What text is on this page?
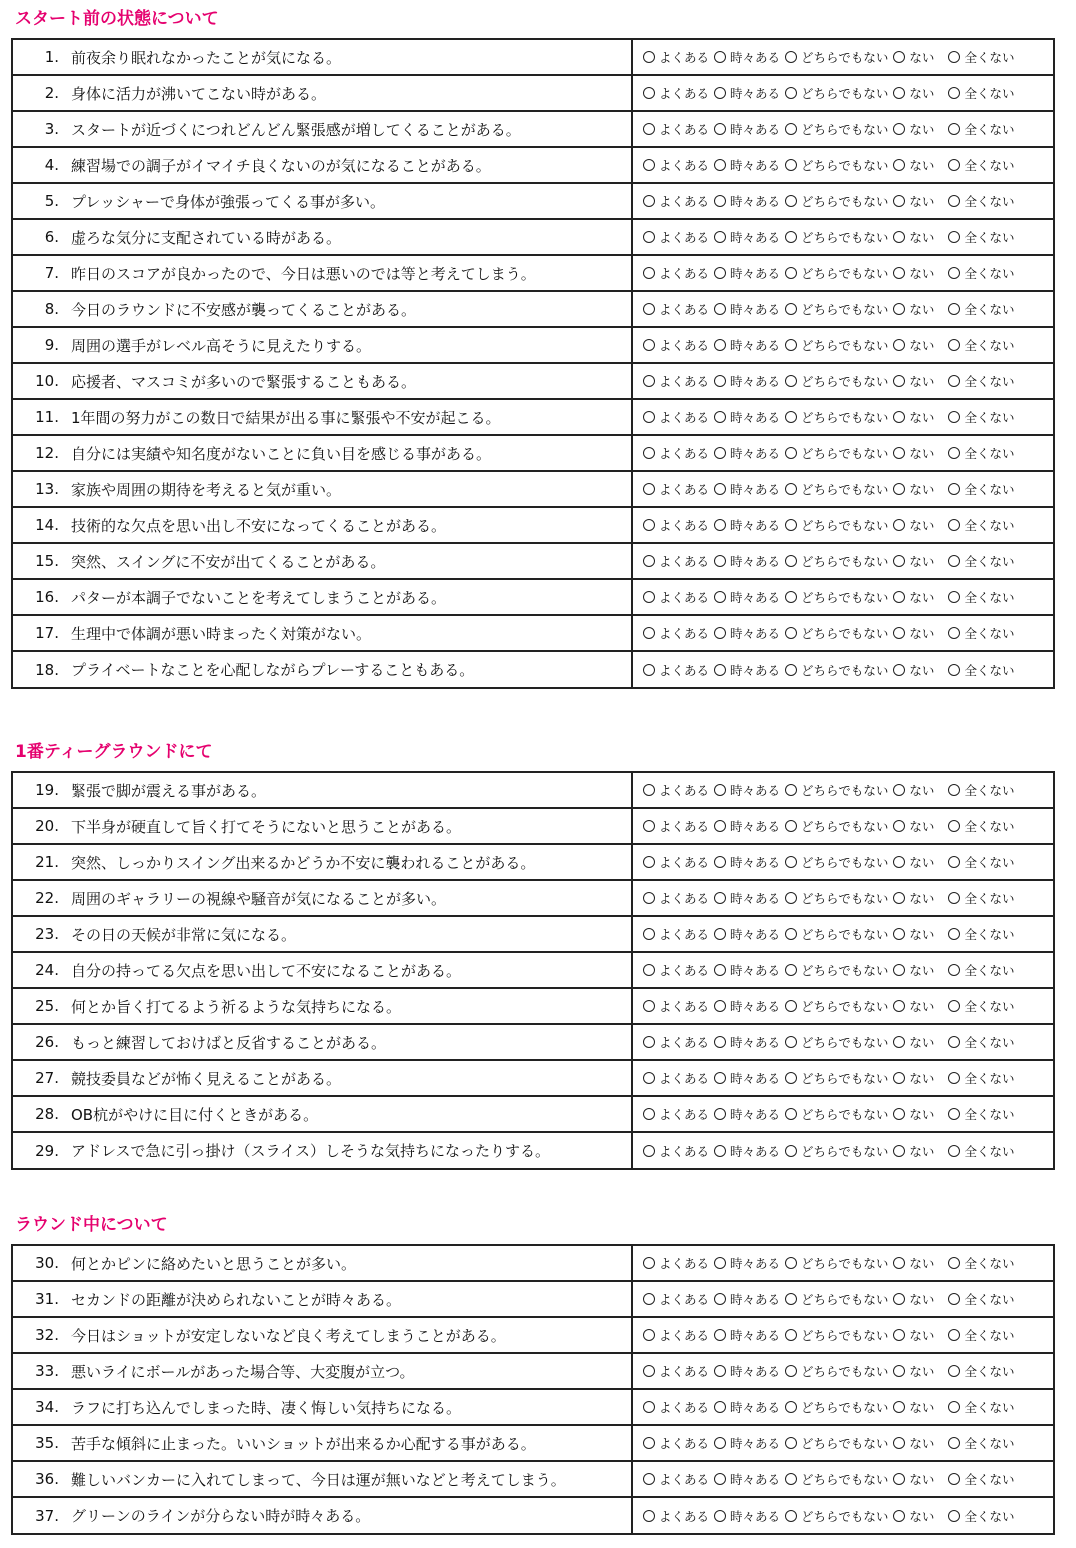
スタート前の状態について
1. 前夜余り眠れなかったことが気になる。	よくある 時々ある どちらでもない ない 全くない
2. 身体に活力が沸いてこない時がある。	よくある 時々ある どちらでもない ない 全くない
3. スタートが近づくにつれどんどん緊張感が増してくることがある。	よくある 時々ある どちらでもない ない 全くない
4. 練習場での調子がイマイチ良くないのが気になることがある。	よくある 時々ある どちらでもない ない 全くない
5. プレッシャーで身体が強張ってくる事が多い。	よくある 時々ある どちらでもない ない 全くない
6. 虚ろな気分に支配されている時がある。	よくある 時々ある どちらでもない ない 全くない
7. 昨日のスコアが良かったので、今日は悪いのでは等と考えてしまう。	よくある 時々ある どちらでもない ない 全くない
8. 今日のラウンドに不安感が襲ってくることがある。	よくある 時々ある どちらでもない ない 全くない
9. 周囲の選手がレベル高そうに見えたりする。	よくある 時々ある どちらでもない ない 全くない
10. 応援者、マスコミが多いので緊張することもある。	よくある 時々ある どちらでもない ない 全くない
11. 1年間の努力がこの数日で結果が出る事に緊張や不安が起こる。	よくある 時々ある どちらでもない ない 全くない
12. 自分には実績や知名度がないことに負い目を感じる事がある。	よくある 時々ある どちらでもない ない 全くない
13. 家族や周囲の期待を考えると気が重い。	よくある 時々ある どちらでもない ない 全くない
14. 技術的な欠点を思い出し不安になってくることがある。	よくある 時々ある どちらでもない ない 全くない
15. 突然、スイングに不安が出てくることがある。	よくある 時々ある どちらでもない ない 全くない
16. パターが本調子でないことを考えてしまうことがある。	よくある 時々ある どちらでもない ない 全くない
17. 生理中で体調が悪い時まったく対策がない。	よくある 時々ある どちらでもない ない 全くない
18. プライベートなことを心配しながらプレーすることもある。	よくある 時々ある どちらでもない ない 全くない
1番ティーグラウンドにて
19. 緊張で脚が震える事がある。	よくある 時々ある どちらでもない ない 全くない
20. 下半身が硬直して旨く打てそうにないと思うことがある。	よくある 時々ある どちらでもない ない 全くない
21. 突然、しっかりスイング出来るかどうか不安に襲われることがある。	よくある 時々ある どちらでもない ない 全くない
22. 周囲のギャラリーの視線や騒音が気になることが多い。	よくある 時々ある どちらでもない ない 全くない
23. その日の天候が非常に気になる。	よくある 時々ある どちらでもない ない 全くない
24. 自分の持ってる欠点を思い出して不安になることがある。	よくある 時々ある どちらでもない ない 全くない
25. 何とか旨く打てるよう祈るような気持ちになる。	よくある 時々ある どちらでもない ない 全くない
26. もっと練習しておけばと反省することがある。	よくある 時々ある どちらでもない ない 全くない
27. 競技委員などが怖く見えることがある。	よくある 時々ある どちらでもない ない 全くない
28. OB杭がやけに目に付くときがある。	よくある 時々ある どちらでもない ない 全くない
29. アドレスで急に引っ掛け（スライス）しそうな気持ちになったりする。	よくある 時々ある どちらでもない ない 全くない
ラウンド中について
30. 何とかピンに絡めたいと思うことが多い。	よくある 時々ある どちらでもない ない 全くない
31. セカンドの距離が決められないことが時々ある。	よくある 時々ある どちらでもない ない 全くない
32. 今日はショットが安定しないなど良く考えてしまうことがある。	よくある 時々ある どちらでもない ない 全くない
33. 悪いライにボールがあった場合等、大変腹が立つ。	よくある 時々ある どちらでもない ない 全くない
34. ラフに打ち込んでしまった時、凄く悔しい気持ちになる。	よくある 時々ある どちらでもない ない 全くない
35. 苦手な傾斜に止まった。いいショットが出来るか心配する事がある。	よくある 時々ある どちらでもない ない 全くない
36. 難しいバンカーに入れてしまって、今日は運が無いなどと考えてしまう。	よくある 時々ある どちらでもない ない 全くない
37. グリーンのラインが分らない時が時々ある。	よくある 時々ある どちらでもない ない 全くない
